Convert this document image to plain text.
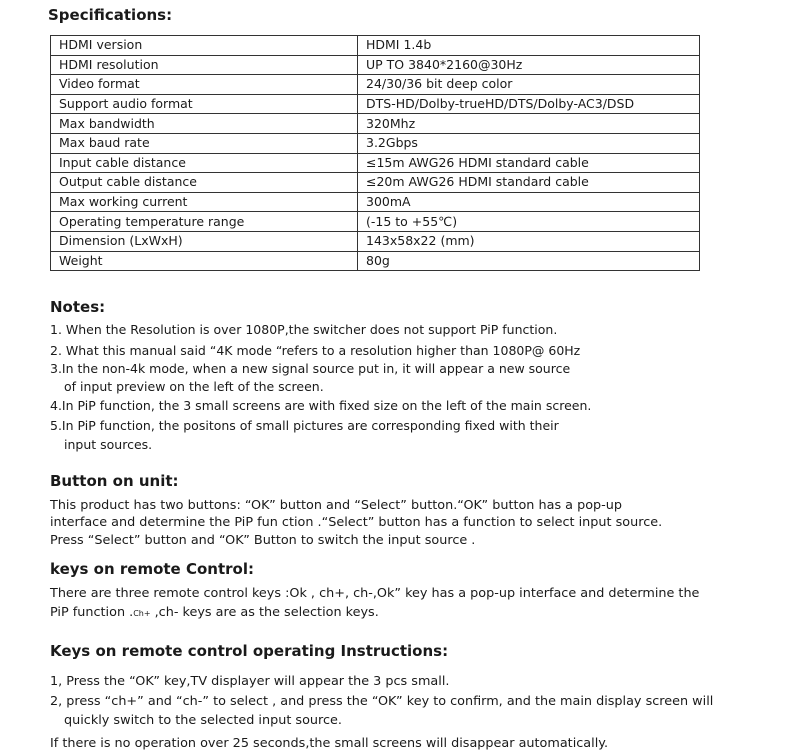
Specifications:
HDMI version	HDMI 1.4b
HDMI resolution	UP TO 3840*2160@30Hz
Video format	24/30/36 bit deep color
Support audio format	DTS-HD/Dolby-trueHD/DTS/Dolby-AC3/DSD
Max bandwidth	320Mhz
Max baud rate	3.2Gbps
Input cable distance	≤15m AWG26 HDMI standard cable
Output cable distance	≤20m AWG26 HDMI standard cable
Max working current	300mA
Operating temperature range	(-15 to +55℃)
Dimension (LxWxH)	143x58x22 (mm)
Weight	80g
Notes:
1. When the Resolution is over 1080P,the switcher does not support PiP function.
2. What this manual said “4K mode “refers to a resolution higher than 1080P@ 60Hz
3.In the non-4k mode, when a new signal source put in, it will appear a new source
of input preview on the left of the screen.
4.In PiP function, the 3 small screens are with fixed size on the left of the main screen.
5.In PiP function, the positons of small pictures are corresponding fixed with their
input sources.
Button on unit:
This product has two buttons: “OK” button and “Select” button.“OK” button has a pop-up
interface and determine the PiP fun ction .“Select” button has a function to select input source.
Press “Select” button and “OK” Button to switch the input source .
keys on remote Control:
There are three remote control keys :Ok , ch+, ch-,Ok” key has a pop-up interface and determine the
PiP function .Ch+ ,ch- keys are as the selection keys.
Keys on remote control operating Instructions:
1, Press the “OK” key,TV displayer will appear the 3 pcs small.
2, press “ch+” and “ch-” to select , and press the “OK” key to confirm, and the main display screen will
quickly switch to the selected input source.
If there is no operation over 25 seconds,the small screens will disappear automatically.
